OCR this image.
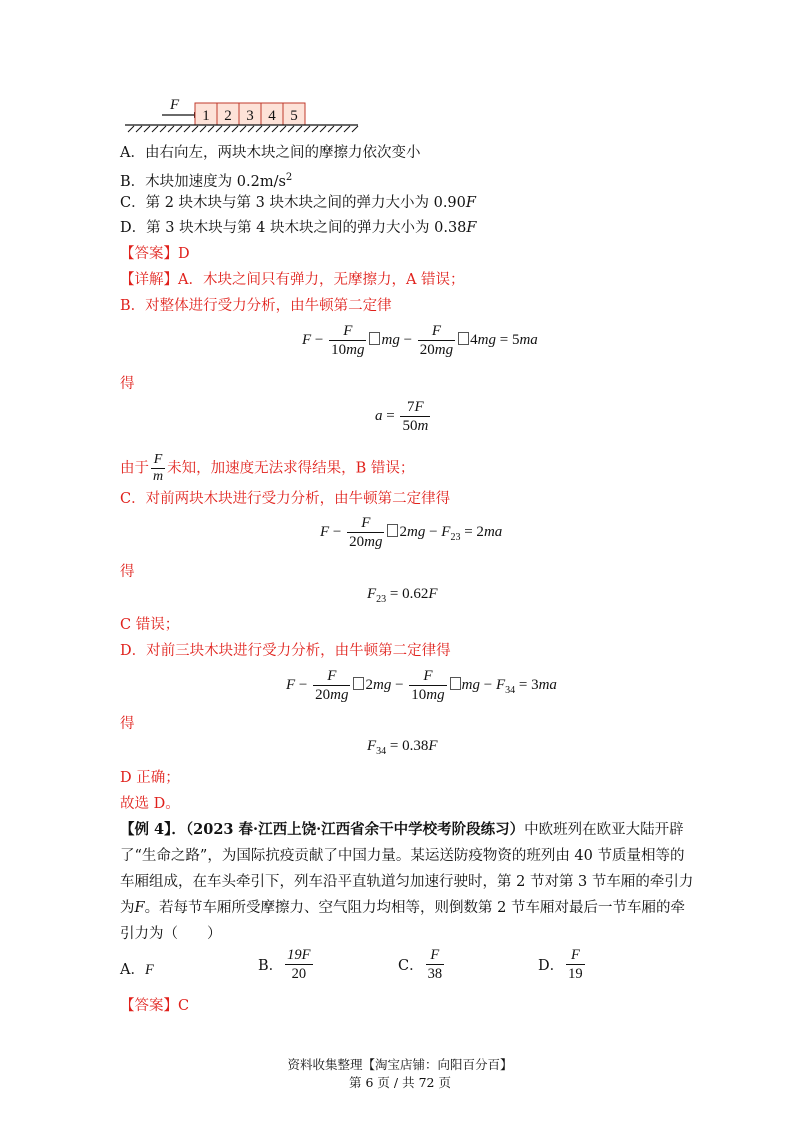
F
1 2 3 4 5
A．由右向左，两块木块之间的摩擦力依次变小
B．木块加速度为 $0.2m/s^2$
C．第 2 块木块与第 3 块木块之间的弹力大小为 0.90F
D．第 3 块木块与第 4 块木块之间的弹力大小为 0.38F
【答案】D
【详解】A．木块之间只有弹力，无摩擦力，A 错误；
B．对整体进行受力分析，由牛顿第二定律
$F - \frac{F}{10mg}$ mg − $\frac{F}{20mg} 4mg = 5ma$
得
$a = \frac{7F}{50m}$
由于 $\frac{F}{m}$ 未知，加速度无法求得结果，B 错误；
C．对前两块木块进行受力分析，由牛顿第二定律得
$F - \frac{F}{20mg} 2mg - F_{23} = 2ma$
得
$F_{23} = 0.62F$
C 错误；
D．对前三块木块进行受力分析，由牛顿第二定律得
$F - \frac{F}{20mg} 2mg - \frac{F}{10mg}$ mg − $F_{34} = 3ma$
得
$F_{34} = 0.38F$
D 正确；
故选 D。
【例 4】．（2023 春·江西上饶·江西省余干中学校考阶段练习）中欧班列在欧亚大陆开辟
了“生命之路”，为国际抗疫贡献了中国力量。某运送防疫物资的班列由 40 节质量相等的
车厢组成，在车头牵引下，列车沿平直轨道匀加速行驶时，第 2 节对第 3 节车厢的牵引力
为F。若每节车厢所受摩擦力、空气阻力均相等，则倒数第 2 节车厢对最后一节车厢的牵
引力为（　　）
A．F	B． $\frac{19F}{20}$	C． $\frac{F}{38}$	D． $\frac{F}{19}$
【答案】C
资料收集整理【淘宝店铺：向阳百分百】
第 6 页 / 共 72 页
